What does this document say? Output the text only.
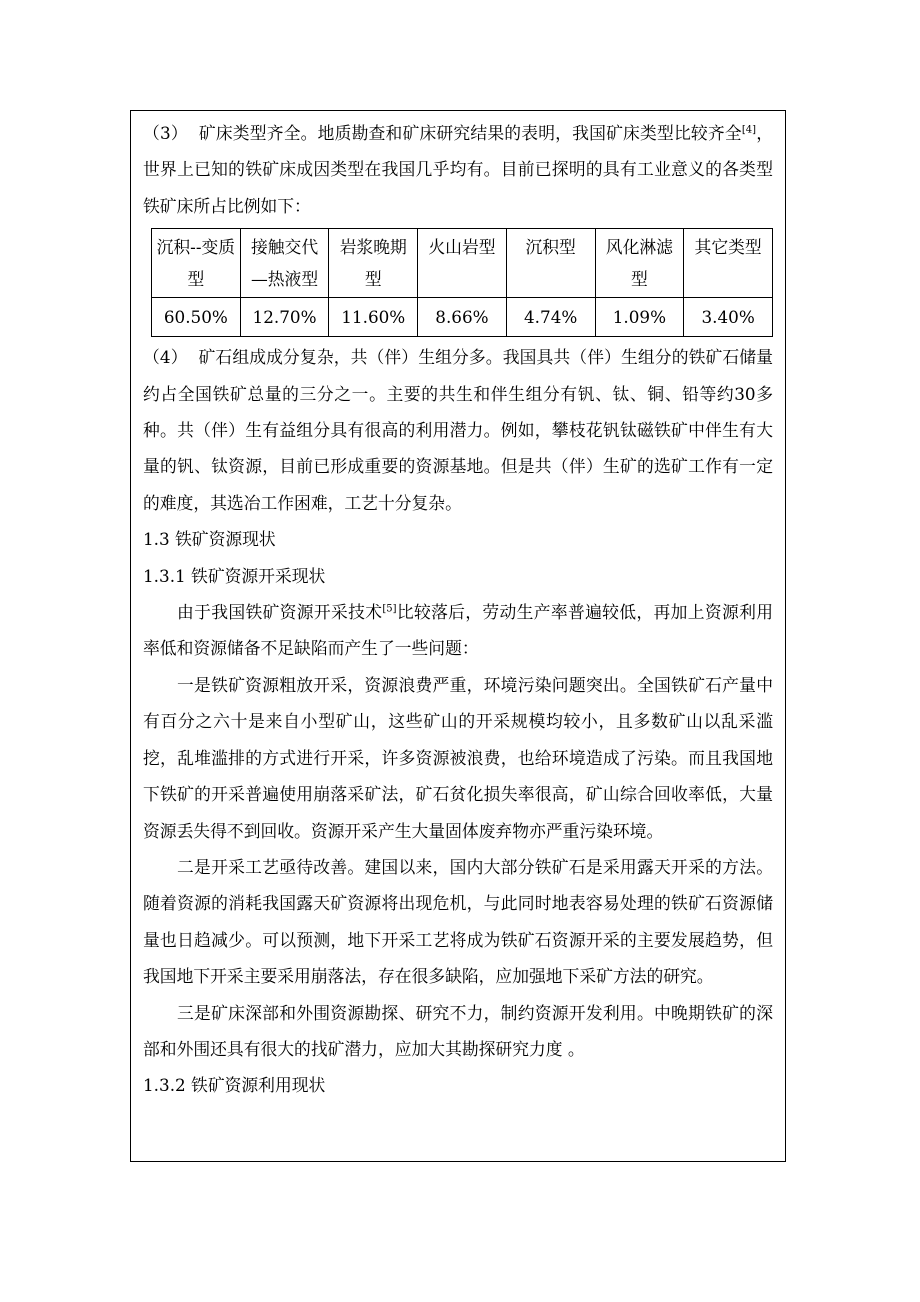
（3） 矿床类型齐全。地质勘查和矿床研究结果的表明，我国矿床类型比较齐全[4]，世界上已知的铁矿床成因类型在我国几乎均有。目前已探明的具有工业意义的各类型铁矿床所占比例如下：

沉积--变质型	接触交代—热液型	岩浆晚期型	火山岩型	沉积型	风化淋滤型	其它类型
60.50%	12.70%	11.60%	8.66%	4.74%	1.09%	3.40%

（4） 矿石组成成分复杂，共（伴）生组分多。我国具共（伴）生组分的铁矿石储量约占全国铁矿总量的三分之一。主要的共生和伴生组分有钒、钛、铜、铅等约30多种。共（伴）生有益组分具有很高的利用潜力。例如，攀枝花钒钛磁铁矿中伴生有大量的钒、钛资源，目前已形成重要的资源基地。但是共（伴）生矿的选矿工作有一定的难度，其选冶工作困难，工艺十分复杂。

1.3 铁矿资源现状

1.3.1 铁矿资源开采现状

由于我国铁矿资源开采技术[5]比较落后，劳动生产率普遍较低，再加上资源利用率低和资源储备不足缺陷而产生了一些问题：

一是铁矿资源粗放开采，资源浪费严重，环境污染问题突出。全国铁矿石产量中有百分之六十是来自小型矿山，这些矿山的开采规模均较小，且多数矿山以乱采滥挖，乱堆滥排的方式进行开采，许多资源被浪费，也给环境造成了污染。而且我国地下铁矿的开采普遍使用崩落采矿法，矿石贫化损失率很高，矿山综合回收率低，大量资源丢失得不到回收。资源开采产生大量固体废弃物亦严重污染环境。

二是开采工艺亟待改善。建国以来，国内大部分铁矿石是采用露天开采的方法。随着资源的消耗我国露天矿资源将出现危机，与此同时地表容易处理的铁矿石资源储量也日趋减少。可以预测，地下开采工艺将成为铁矿石资源开采的主要发展趋势，但我国地下开采主要采用崩落法，存在很多缺陷，应加强地下采矿方法的研究。

三是矿床深部和外围资源勘探、研究不力，制约资源开发利用。中晚期铁矿的深部和外围还具有很大的找矿潜力，应加大其勘探研究力度 。

1.3.2 铁矿资源利用现状
